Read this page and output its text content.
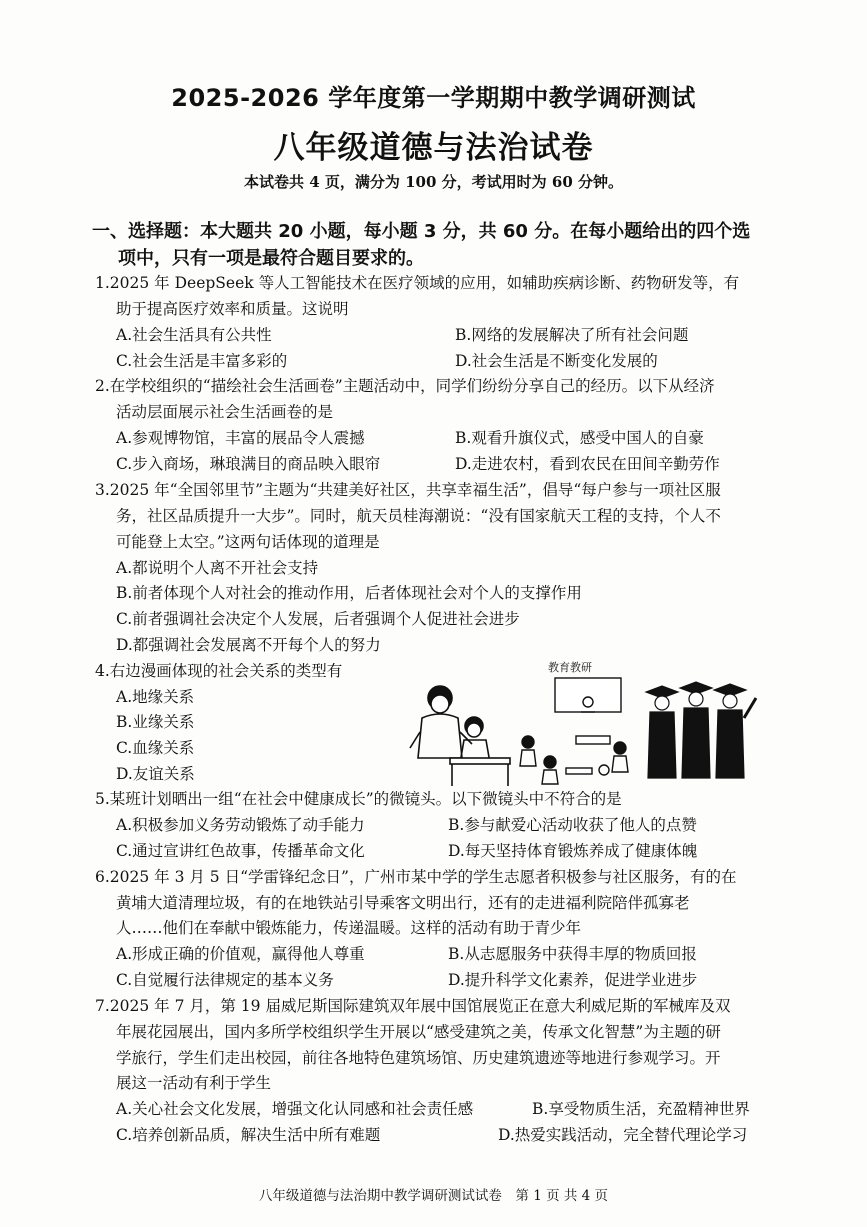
2025-2026 学年度第一学期期中教学调研测试
八年级道德与法治试卷
本试卷共 4 页，满分为 100 分，考试用时为 60 分钟。
一、选择题：本大题共 20 小题，每小题 3 分，共 60 分。在每小题给出的四个选
项中，只有一项是最符合题目要求的。
1.2025 年 DeepSeek 等人工智能技术在医疗领域的应用，如辅助疾病诊断、药物研发等，有
助于提高医疗效率和质量。这说明
A.社会生活具有公共性	B.网络的发展解决了所有社会问题
C.社会生活是丰富多彩的	D.社会生活是不断变化发展的
2.在学校组织的“描绘社会生活画卷”主题活动中，同学们纷纷分享自己的经历。以下从经济
活动层面展示社会生活画卷的是
A.参观博物馆，丰富的展品令人震撼	B.观看升旗仪式，感受中国人的自豪
C.步入商场，琳琅满目的商品映入眼帘	D.走进农村，看到农民在田间辛勤劳作
3.2025 年“全国邻里节”主题为“共建美好社区，共享幸福生活”，倡导“每户参与一项社区服
务，社区品质提升一大步”。同时，航天员桂海潮说：“没有国家航天工程的支持，个人不
可能登上太空。”这两句话体现的道理是
A.都说明个人离不开社会支持
B.前者体现个人对社会的推动作用，后者体现社会对个人的支撑作用
C.前者强调社会决定个人发展，后者强调个人促进社会进步
D.都强调社会发展离不开每个人的努力
4.右边漫画体现的社会关系的类型有
A.地缘关系
B.业缘关系
C.血缘关系
D.友谊关系
教育教研
5.某班计划晒出一组“在社会中健康成长”的微镜头。以下微镜头中不符合的是
A.积极参加义务劳动锻炼了动手能力	B.参与献爱心活动收获了他人的点赞
C.通过宣讲红色故事，传播革命文化	D.每天坚持体育锻炼养成了健康体魄
6.2025 年 3 月 5 日“学雷锋纪念日”，广州市某中学的学生志愿者积极参与社区服务，有的在
黄埔大道清理垃圾，有的在地铁站引导乘客文明出行，还有的走进福利院陪伴孤寡老
人……他们在奉献中锻炼能力，传递温暖。这样的活动有助于青少年
A.形成正确的价值观，赢得他人尊重	B.从志愿服务中获得丰厚的物质回报
C.自觉履行法律规定的基本义务	D.提升科学文化素养，促进学业进步
7.2025 年 7 月，第 19 届威尼斯国际建筑双年展中国馆展览正在意大利威尼斯的军械库及双
年展花园展出，国内多所学校组织学生开展以“感受建筑之美，传承文化智慧”为主题的研
学旅行，学生们走出校园，前往各地特色建筑场馆、历史建筑遗迹等地进行参观学习。开
展这一活动有利于学生
A.关心社会文化发展，增强文化认同感和社会责任感	B.享受物质生活，充盈精神世界
C.培养创新品质，解决生活中所有难题	D.热爱实践活动，完全替代理论学习
八年级道德与法治期中教学调研测试试卷　第 1 页 共 4 页
